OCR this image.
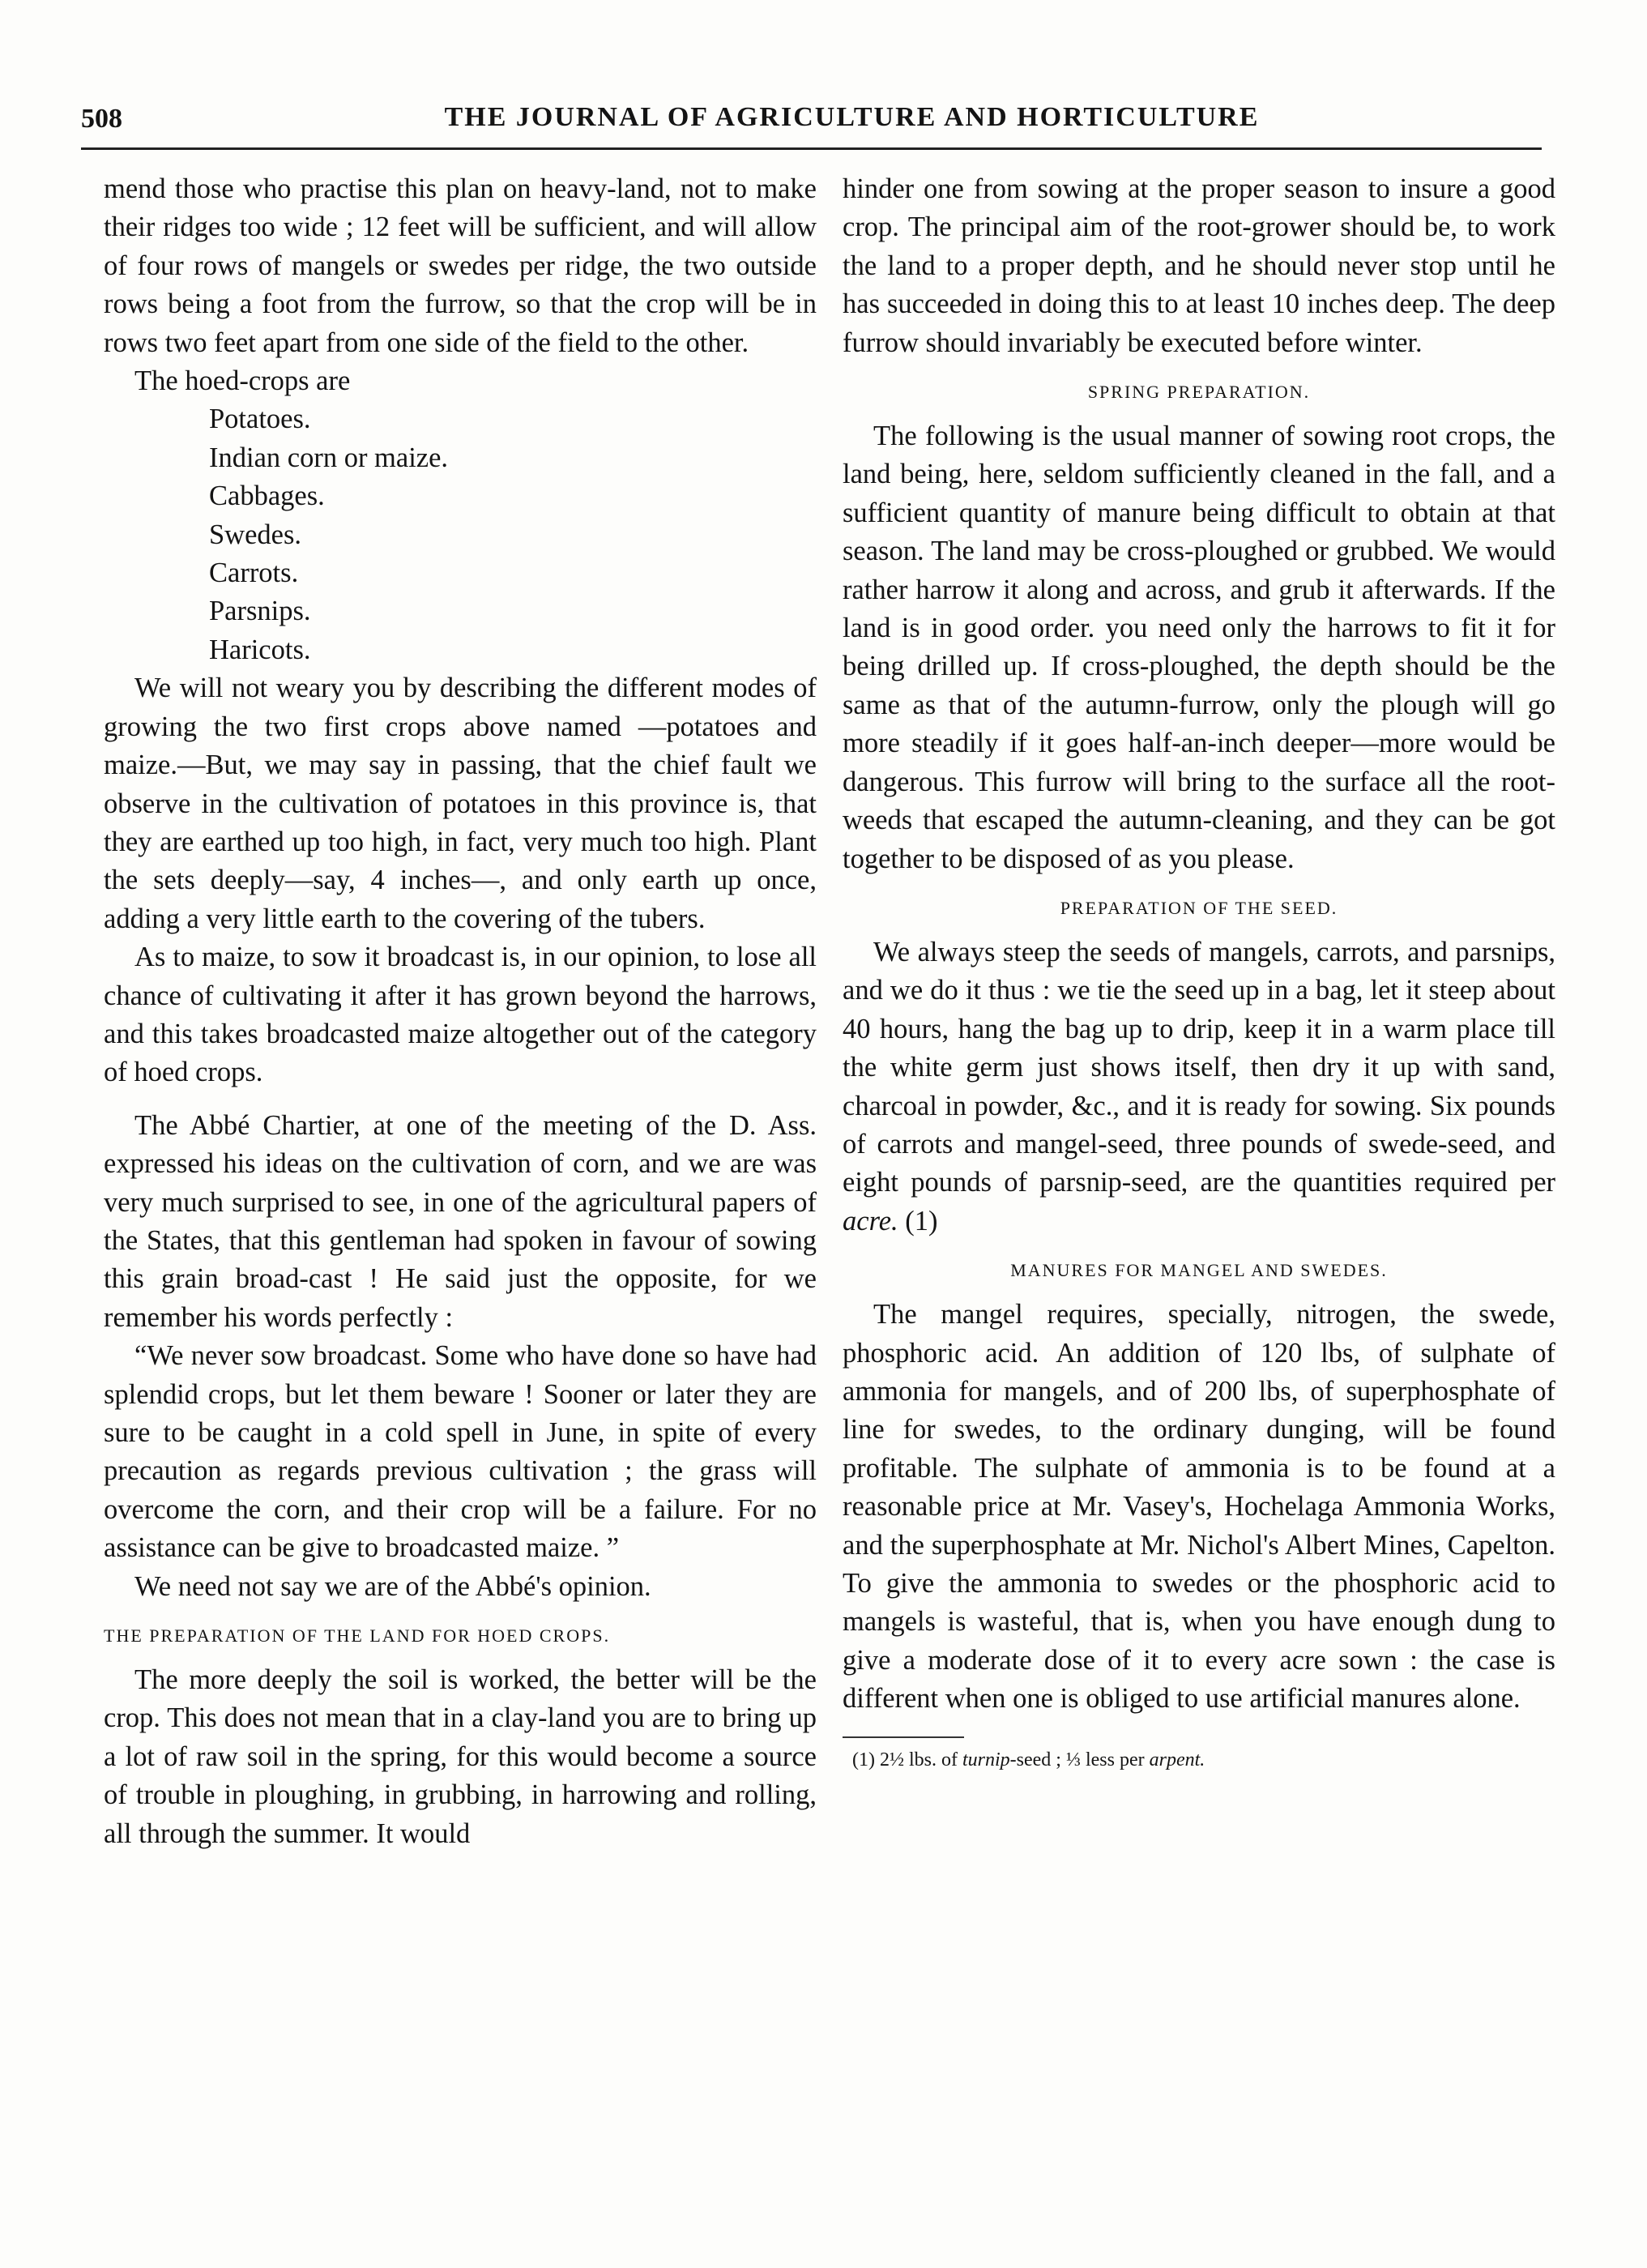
508	THE JOURNAL OF AGRICULTURE AND HORTICULTURE

mend those who practise this plan on heavy-land, not to make their ridges too wide ; 12 feet will be sufficient, and will allow of four rows of mangels or swedes per ridge, the two outside rows being a foot from the furrow, so that the crop will be in rows two feet apart from one side of the field to the other.

The hoed-crops are

Potatoes.
Indian corn or maize.
Cabbages.
Swedes.
Carrots.
Parsnips.
Haricots.

We will not weary you by describing the different modes of growing the two first crops above named —potatoes and maize.—But, we may say in passing, that the chief fault we observe in the cultivation of potatoes in this province is, that they are earthed up too high, in fact, very much too high. Plant the sets deeply—say, 4 inches—, and only earth up once, adding a very little earth to the covering of the tubers.

As to maize, to sow it broadcast is, in our opinion, to lose all chance of cultivating it after it has grown beyond the harrows, and this takes broadcasted maize altogether out of the category of hoed crops.

The Abbé Chartier, at one of the meeting of the D. Ass. expressed his ideas on the cultivation of corn, and we are was very much surprised to see, in one of the agricultural papers of the States, that this gentleman had spoken in favour of sowing this grain broad-cast ! He said just the opposite, for we remember his words perfectly :

“We never sow broadcast. Some who have done so have had splendid crops, but let them beware ! Sooner or later they are sure to be caught in a cold spell in June, in spite of every precaution as regards previous cultivation ; the grass will overcome the corn, and their crop will be a failure. For no assistance can be give to broadcasted maize. ”

We need not say we are of the Abbé's opinion.

THE PREPARATION OF THE LAND FOR HOED CROPS.

The more deeply the soil is worked, the better will be the crop. This does not mean that in a clay-land you are to bring up a lot of raw soil in the spring, for this would become a source of trouble in ploughing, in grubbing, in harrowing and rolling, all through the summer. It would

hinder one from sowing at the proper season to insure a good crop. The principal aim of the root-grower should be, to work the land to a proper depth, and he should never stop until he has succeeded in doing this to at least 10 inches deep. The deep furrow should invariably be executed before winter.

SPRING PREPARATION.

The following is the usual manner of sowing root crops, the land being, here, seldom sufficiently cleaned in the fall, and a sufficient quantity of manure being difficult to obtain at that season. The land may be cross-ploughed or grubbed. We would rather harrow it along and across, and grub it afterwards. If the land is in good order. you need only the harrows to fit it for being drilled up. If cross-ploughed, the depth should be the same as that of the autumn-furrow, only the plough will go more steadily if it goes half-an-inch deeper—more would be dangerous. This furrow will bring to the surface all the root-weeds that escaped the autumn-cleaning, and they can be got together to be disposed of as you please.

PREPARATION OF THE SEED.

We always steep the seeds of mangels, carrots, and parsnips, and we do it thus : we tie the seed up in a bag, let it steep about 40 hours, hang the bag up to drip, keep it in a warm place till the white germ just shows itself, then dry it up with sand, charcoal in powder, &c., and it is ready for sowing. Six pounds of carrots and mangel-seed, three pounds of swede-seed, and eight pounds of parsnip-seed, are the quantities required per acre. (1)

MANURES FOR MANGEL AND SWEDES.

The mangel requires, specially, nitrogen, the swede, phosphoric acid. An addition of 120 lbs, of sulphate of ammonia for mangels, and of 200 lbs, of superphosphate of line for swedes, to the ordinary dunging, will be found profitable. The sulphate of ammonia is to be found at a reasonable price at Mr. Vasey's, Hochelaga Ammonia Works, and the superphosphate at Mr. Nichol's Albert Mines, Capelton. To give the ammonia to swedes or the phosphoric acid to mangels is wasteful, that is, when you have enough dung to give a moderate dose of it to every acre sown : the case is different when one is obliged to use artificial manures alone.

(1) 2½ lbs. of turnip-seed ; ⅓ less per arpent.
